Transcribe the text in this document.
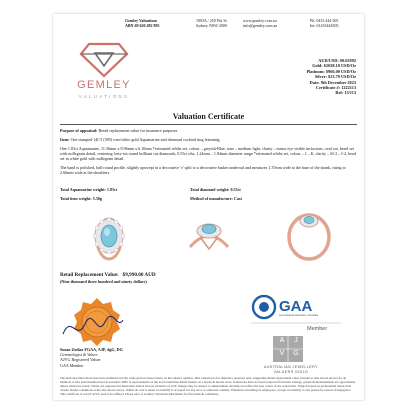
Gemley Valuations
ABN 69 620 482 895
1003A / 250 Pitt St
Sydney NSW 2000
www.gemley.com.au
info@gemley.com.au
Ph: 0433 444 505
Int: 61433444505
GEMLEY
VALUATIONS
AUD/USD: $0.65992
Gold: $2028.10 USD/Oz
Platinum: $966.00 USD/Oz
Silver: $23.79 USD/Oz
Date: 9th December 2023
Certificate #: 1222113
Ref: 13/113
Valuation Certificate

Purpose of appraisal: Retail replacement value for insurance purposes

Item: One stamped 14CT (585) rose/white gold Aquamarine and diamond cocktail ring featuring;

One 1.83ct Aquamarine, 11.56mm x 8.96mm x 6.10mm *estimated whilst set, colour – greyish-Blue, tone – medium light, clarity – minor eye visible inclusions, oval cut, bezel set with millegrain detail, centering forty-six round brilliant cut diamonds, 0.55ct tdw, 1.24mm – 1.84mm diameter range *estimated whilst set, colour – J – K, clarity – SI-2 – I-2, bead set in white gold with millegrain detail.

The band is polished, half round profile, slightly upswept in a decorative 'v' split to a decorative basket underrail and measures 1.37mm wide at the base of the shank, rising to 2.66mm wide at the shoulders.

Total Aquamarine weight: 1.83ct	Total diamond weight: 0.55ct
Total item weight: 5.30g	Method of manufacture: Cast
Retail Replacement Value: $9,990.00 AUD
(Nine thousand three hundred and ninety dollars)
Susan Zodiar FGAA, AJP, dgG, DG
Gemmologist & Valuer
AJVG Registered Valuer
GAA Member
GAA
Gemmological Association of Australia
Member
A	J
V	G
AUSTRALIAN JEWELLERY
VALUERS GUILD
The item described above has been examined and the value given is based solely on the valuer's opinion. This valuation is for insurance purposes only, suggesting Retail replacement value (current at date shown above) for an identical or like item manufactured in Australia. RRV is representative of the local Australian Retail market, in a bricks & mortar store. Gemstones have not been removed from their settings, grades & measurements are approximate unless otherwise stated. Values are expressed in Australian dollars and are inclusive of GST. Images may be subject to enhancement and may not reflect the true colour of the actual item. Value is based on professional research & current market conditions at the date shown above. Whilst all care is taken, no liability is accepted for any error or omission. Gemley Valuations, including its employees, accepts no liability to any person by reason of negligence. This certificate is void if AJVG seal is not affixed. Please refer to Gemley Valuations Disclaimer for full terms & conditions.
